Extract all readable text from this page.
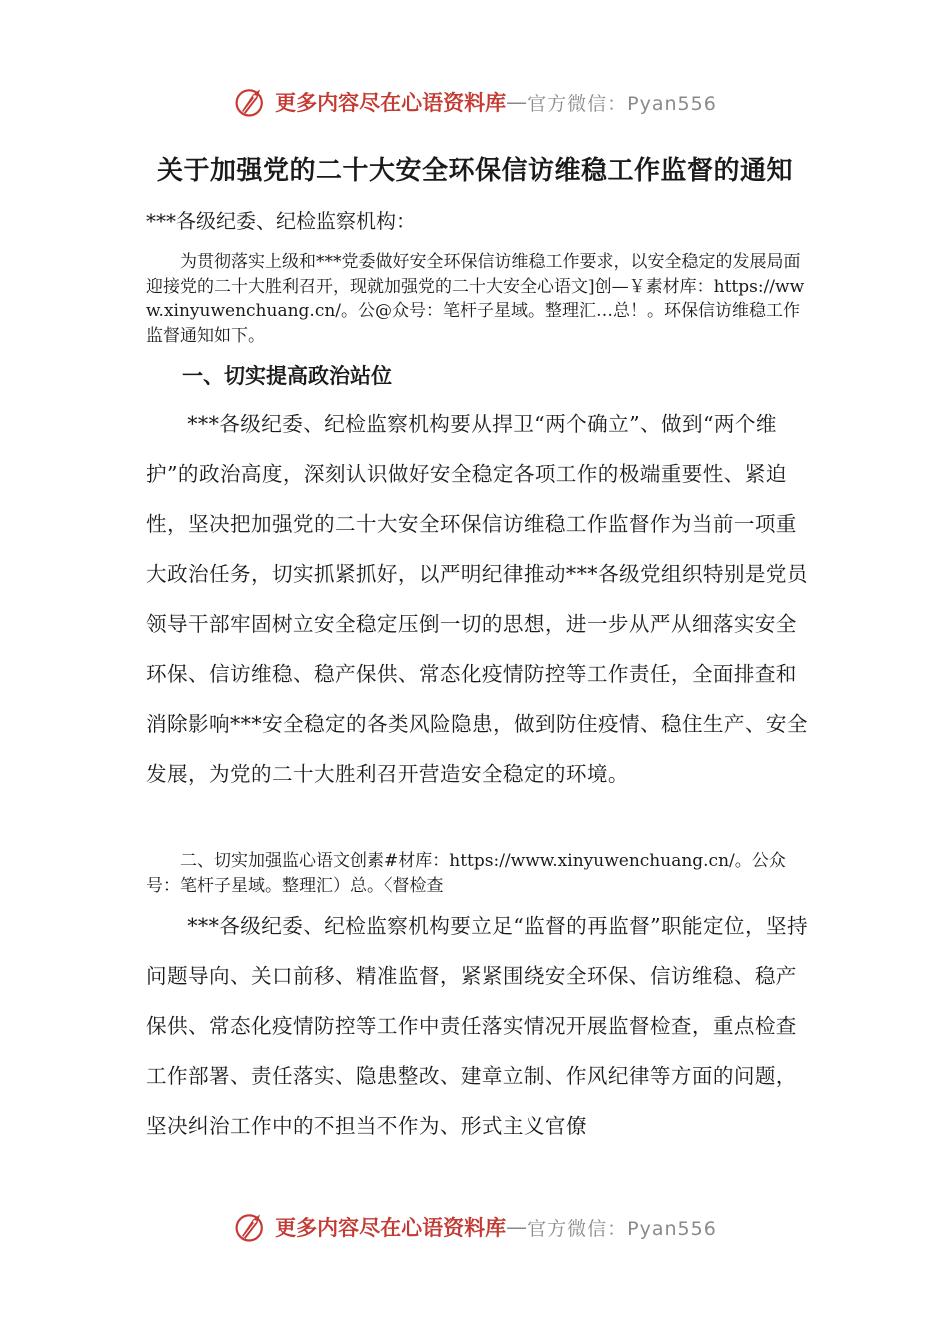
更多内容尽在心语资料库 — 官方微信：Pyan556
关于加强党的二十大安全环保信访维稳工作监督的通知

***各级纪委、纪检监察机构：

为贯彻落实上级和***党委做好安全环保信访维稳工作要求，以安全稳定的发展局面迎接党的二十大胜利召开，现就加强党的二十大安全心语文]创—￥素材库：https://www.xinyuwenchuang.cn/。公@众号：笔杆子星域。整理汇…总！。环保信访维稳工作监督通知如下。

一、切实提高政治站位

***各级纪委、纪检监察机构要从捍卫“两个确立”、做到“两个维护”的政治高度，深刻认识做好安全稳定各项工作的极端重要性、紧迫性，坚决把加强党的二十大安全环保信访维稳工作监督作为当前一项重大政治任务，切实抓紧抓好，以严明纪律推动***各级党组织特别是党员领导干部牢固树立安全稳定压倒一切的思想，进一步从严从细落实安全环保、信访维稳、稳产保供、常态化疫情防控等工作责任，全面排查和消除影响***安全稳定的各类风险隐患，做到防住疫情、稳住生产、安全发展，为党的二十大胜利召开营造安全稳定的环境。

二、切实加强监心语文创素#材库：https://www.xinyuwenchuang.cn/。公众号：笔杆子星域。整理汇）总。〈督检查

***各级纪委、纪检监察机构要立足“监督的再监督”职能定位，坚持问题导向、关口前移、精准监督，紧紧围绕安全环保、信访维稳、稳产保供、常态化疫情防控等工作中责任落实情况开展监督检查，重点检查工作部署、责任落实、隐患整改、建章立制、作风纪律等方面的问题，坚决纠治工作中的不担当不作为、形式主义官僚

更多内容尽在心语资料库 — 官方微信：Pyan556
